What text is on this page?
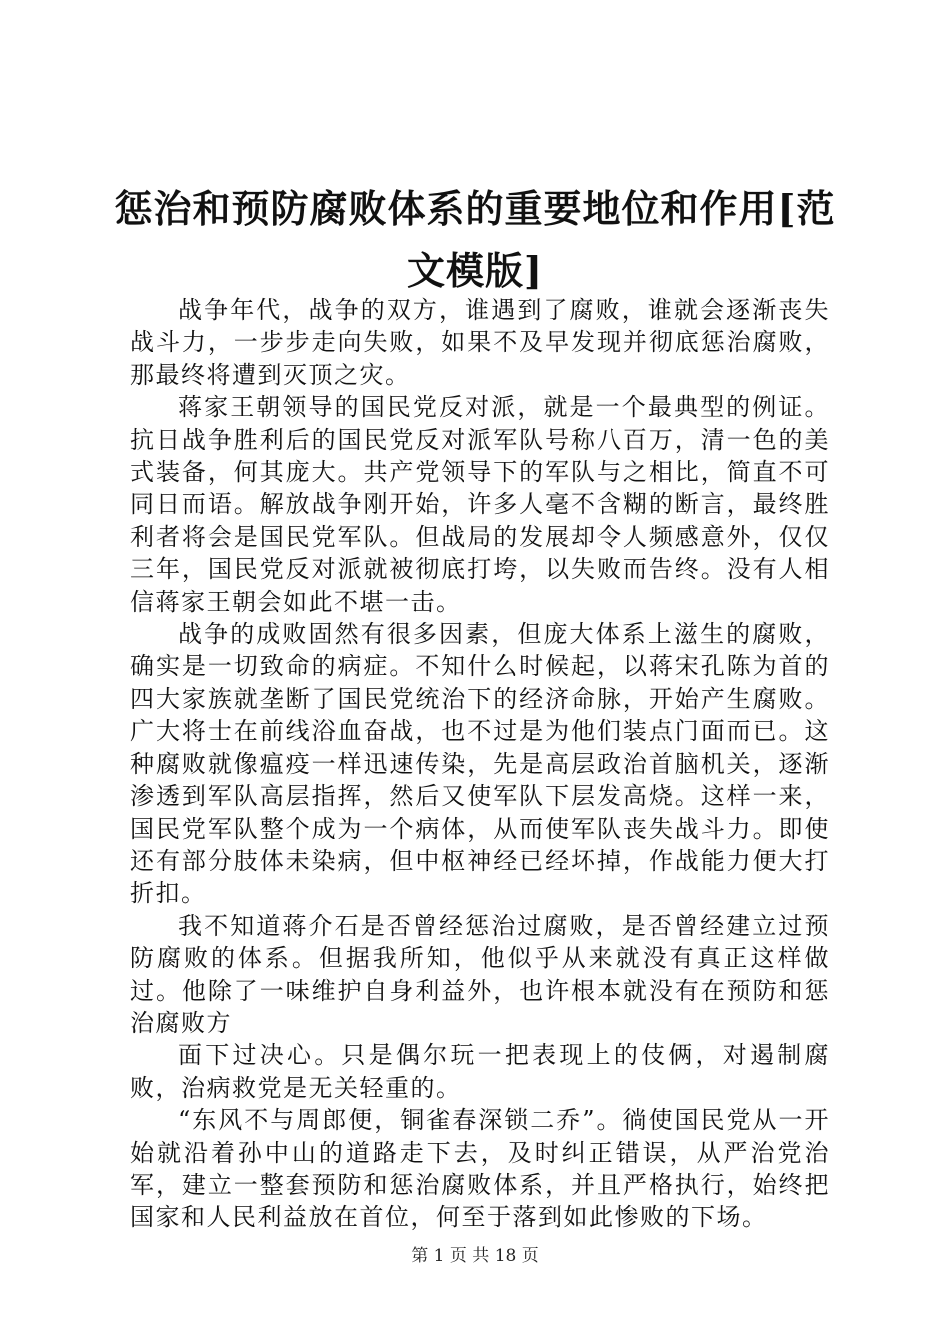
惩治和预防腐败体系的重要地位和作用[范文模版]

战争年代，战争的双方，谁遇到了腐败，谁就会逐渐丧失战斗力，一步步走向失败，如果不及早发现并彻底惩治腐败，那最终将遭到灭顶之灾。

蒋家王朝领导的国民党反对派，就是一个最典型的例证。抗日战争胜利后的国民党反对派军队号称八百万，清一色的美式装备，何其庞大。共产党领导下的军队与之相比，简直不可同日而语。解放战争刚开始，许多人毫不含糊的断言，最终胜利者将会是国民党军队。但战局的发展却令人频感意外，仅仅三年，国民党反对派就被彻底打垮，以失败而告终。没有人相信蒋家王朝会如此不堪一击。

战争的成败固然有很多因素，但庞大体系上滋生的腐败，确实是一切致命的病症。不知什么时候起，以蒋宋孔陈为首的四大家族就垄断了国民党统治下的经济命脉，开始产生腐败。广大将士在前线浴血奋战，也不过是为他们装点门面而已。这种腐败就像瘟疫一样迅速传染，先是高层政治首脑机关，逐渐渗透到军队高层指挥，然后又使军队下层发高烧。这样一来，国民党军队整个成为一个病体，从而使军队丧失战斗力。即使还有部分肢体未染病，但中枢神经已经坏掉，作战能力便大打折扣。

我不知道蒋介石是否曾经惩治过腐败，是否曾经建立过预防腐败的体系。但据我所知，他似乎从来就没有真正这样做过。他除了一味维护自身利益外，也许根本就没有在预防和惩治腐败方

面下过决心。只是偶尔玩一把表现上的伎俩，对遏制腐败，治病救党是无关轻重的。

“东风不与周郎便，铜雀春深锁二乔”。徜使国民党从一开始就沿着孙中山的道路走下去，及时纠正错误，从严治党治军，建立一整套预防和惩治腐败体系，并且严格执行，始终把国家和人民利益放在首位，何至于落到如此惨败的下场。

第 1 页 共 18 页
